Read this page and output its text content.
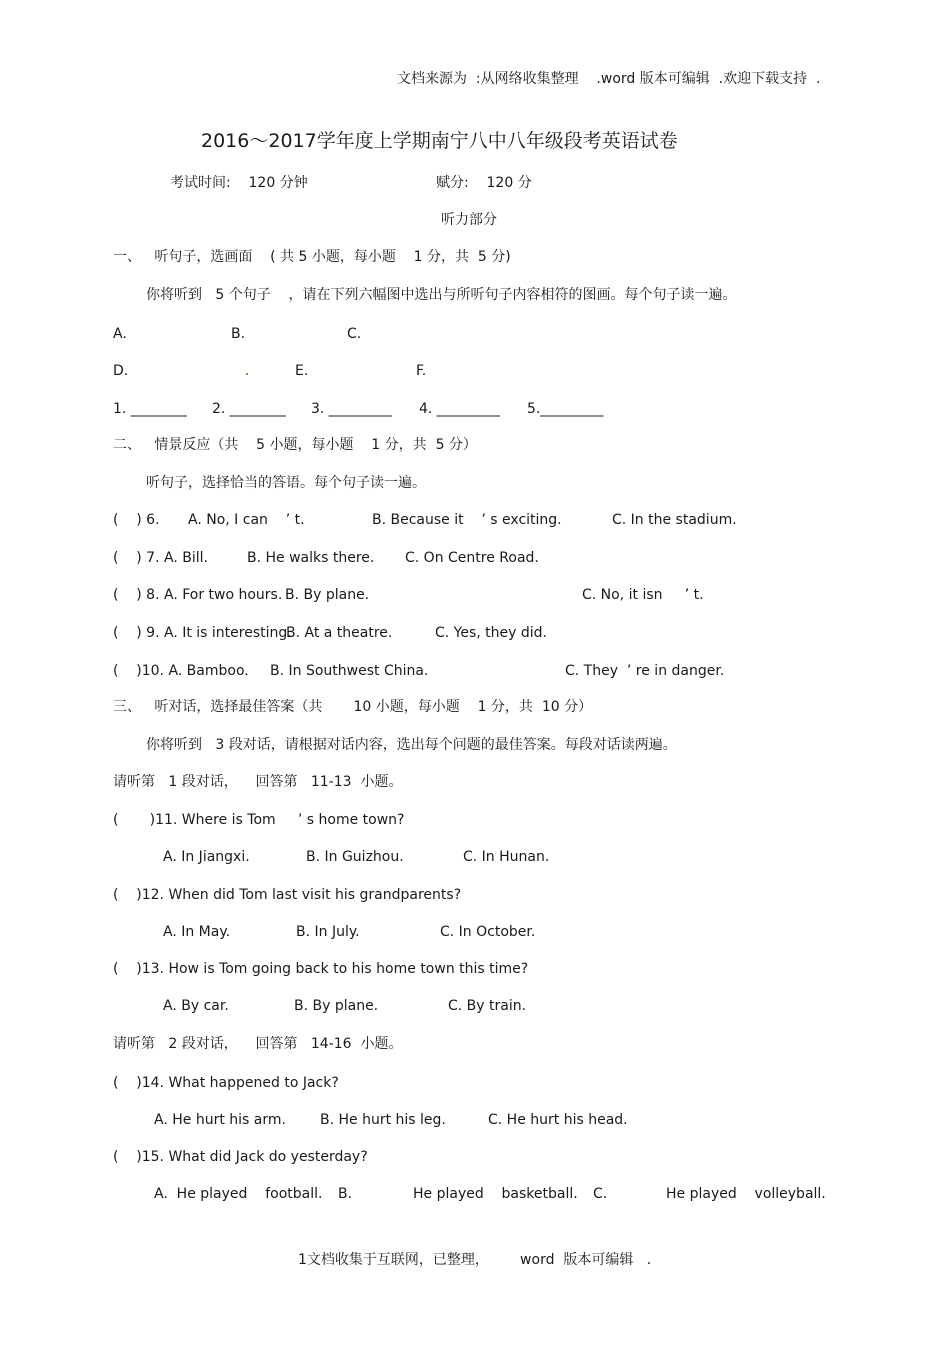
文档来源为  :从网络收集整理    .word 版本可编辑  .欢迎下载支持  .
2016～2017学年度上学期南宁八中八年级段考英语试卷
考试时间:    120 分钟	赋分:    120 分
听力部分
一、   听句子，选画面    ( 共 5 小题，每小题    1 分，共  5 分)
你将听到   5 个句子    ，请在下列六幅图中选出与所听句子内容相符的图画。每个句子读一遍。
A.	B.	C.
D.	E.	F.
1. ________ 2. ________ 3. _________ 4. _________ 5._________
二、   情景反应（共    5 小题，每小题    1 分，共  5 分）
听句子，选择恰当的答语。每个句子读一遍。
(    ) 6. A. No, I can    ’ t.	B. Because it    ’ s exciting.	C. In the stadium.
(    ) 7. A. Bill.	B. He walks there. C. On Centre Road.
(    ) 8. A. For two hours. B. By plane.	C. No, it isn     ’ t.
(    ) 9. A. It is interesting.
B. At a theatre.	C. Yes, they did.
(    )10. A. Bamboo. B. In Southwest China.	C. They  ’ re in danger.
三、   听对话，选择最佳答案（共       10 小题，每小题    1 分，共  10 分）
你将听到   3 段对话，请根据对话内容，选出每个问题的最佳答案。每段对话读两遍。
请听第   1 段对话，    回答第   11-13  小题。
(       )11. Where is Tom     ’ s home town?
A. In Jiangxi.	B. In Guizhou.	C. In Hunan.
(    )12. When did Tom last visit his grandparents?
A. In May.	B. In July.	C. In October.
(    )13. How is Tom going back to his home town this time?
A. By car.	B. By plane.	C. By train.
请听第   2 段对话，    回答第   14-16  小题。
(    )14. What happened to Jack?
A. He hurt his arm. B. He hurt his leg.	C. He hurt his head.
(    )15. What did Jack do yesterday?
A.  He played    football. B.	He played    basketball. C.	He played    volleyball.
1文档收集于互联网，已整理，       word  版本可编辑   .
